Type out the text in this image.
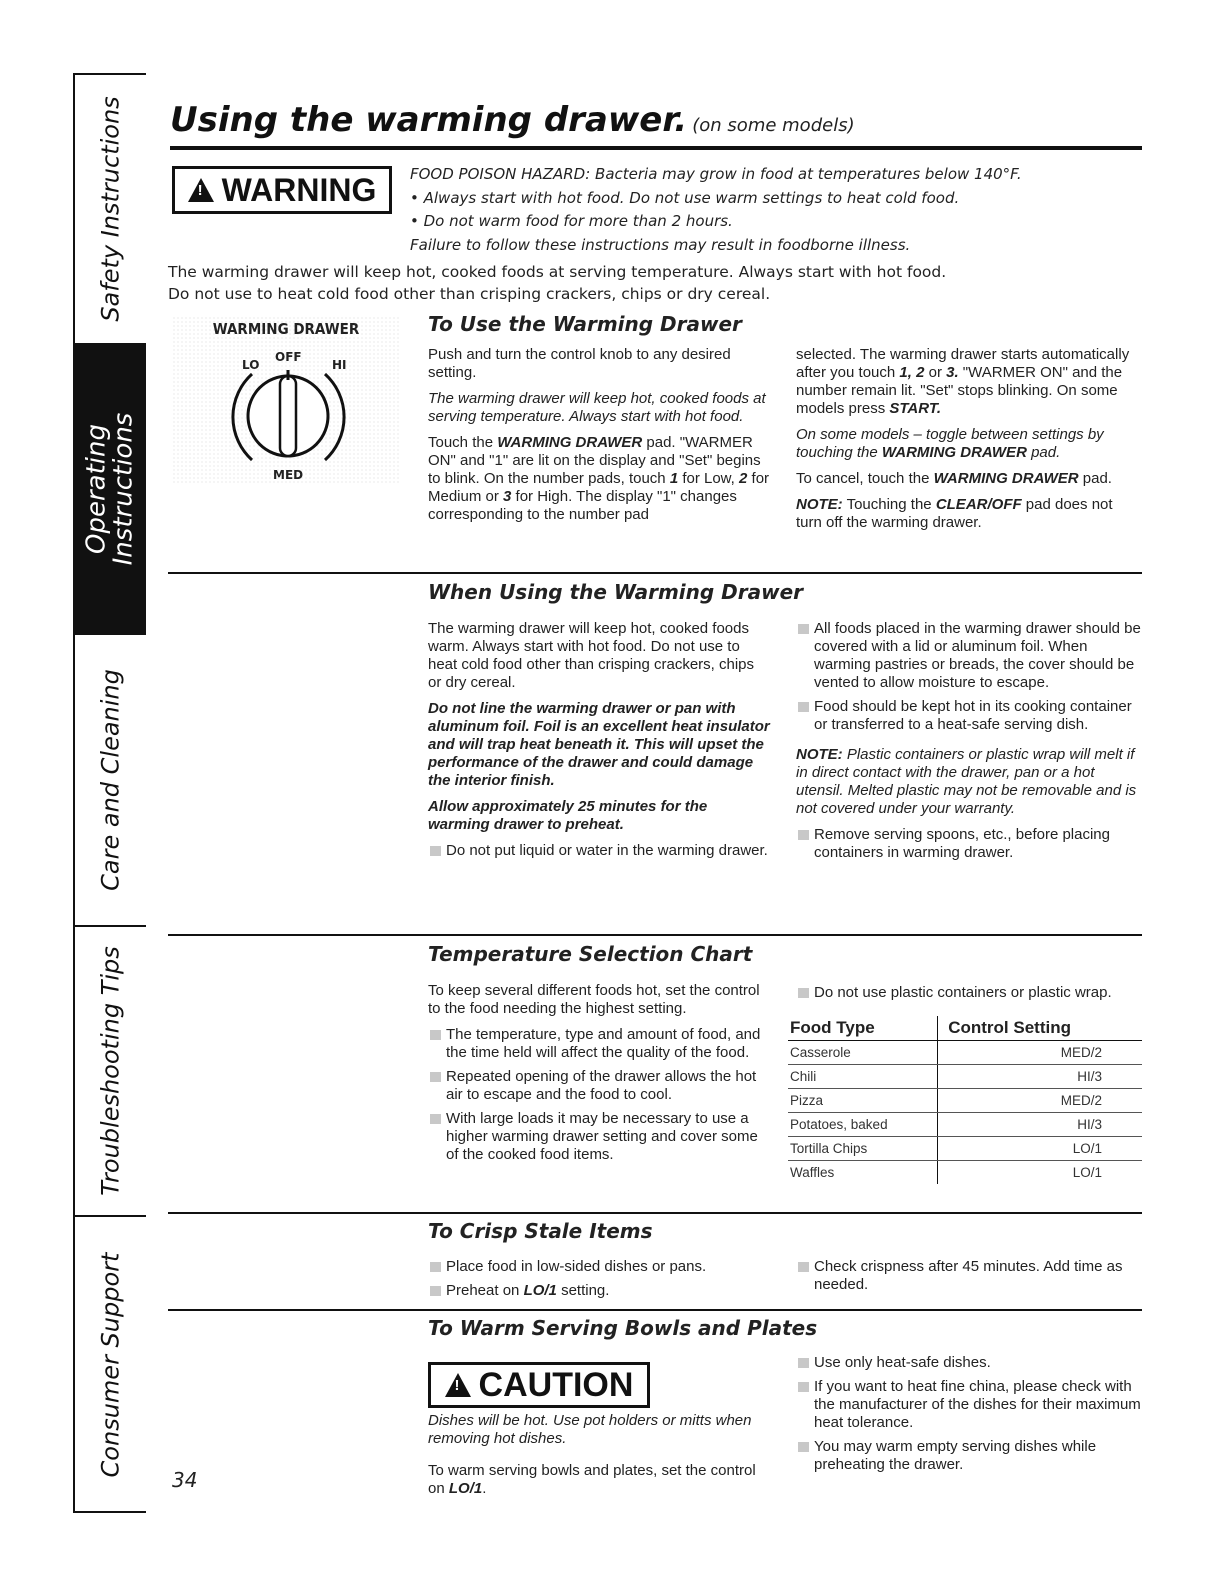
Safety Instructions
Operating Instructions
Care and Cleaning
Troubleshooting Tips
Consumer Support
Using the warming drawer. (on some models)
!
WARNING FOOD POISON HAZARD: Bacteria may grow in food at temperatures below 140°F.
• Always start with hot food. Do not use warm settings to heat cold food.
• Do not warm food for more than 2 hours.
Failure to follow these instructions may result in foodborne illness.
The warming drawer will keep hot, cooked foods at serving temperature. Always start with hot food.
Do not use to heat cold food other than crisping crackers, chips or dry cereal.
WARMING DRAWER
LO
OFF
HI
MED
To Use the Warming Drawer

Push and turn the control knob to any desired setting.

The warming drawer will keep hot, cooked foods at serving temperature. Always start with hot food.

Touch the WARMING DRAWER pad. "WARMER ON" and "1" are lit on the display and "Set" begins to blink. On the number pads, touch 1 for Low, 2 for Medium or 3 for High. The display "1" changes corresponding to the number pad

selected. The warming drawer starts automatically after you touch 1, 2 or 3. "WARMER ON" and the number remain lit. "Set" stops blinking. On some models press START.

On some models – toggle between settings by touching the WARMING DRAWER pad.

To cancel, touch the WARMING DRAWER pad.

NOTE: Touching the CLEAR/OFF pad does not turn off the warming drawer.

When Using the Warming Drawer

The warming drawer will keep hot, cooked foods warm. Always start with hot food. Do not use to heat cold food other than crisping crackers, chips or dry cereal.

Do not line the warming drawer or pan with aluminum foil. Foil is an excellent heat insulator and will trap heat beneath it. This will upset the performance of the drawer and could damage the interior finish.

Allow approximately 25 minutes for the warming drawer to preheat.

Do not put liquid or water in the warming drawer.
All foods placed in the warming drawer should be covered with a lid or aluminum foil. When warming pastries or breads, the cover should be vented to allow moisture to escape.
Food should be kept hot in its cooking container or transferred to a heat-safe serving dish.

NOTE: Plastic containers or plastic wrap will melt if in direct contact with the drawer, pan or a hot utensil. Melted plastic may not be removable and is not covered under your warranty.

Remove serving spoons, etc., before placing containers in warming drawer.
Temperature Selection Chart

To keep several different foods hot, set the control to the food needing the highest setting.

The temperature, type and amount of food, and the time held will affect the quality of the food.
Repeated opening of the drawer allows the hot air to escape and the food to cool.
With large loads it may be necessary to use a higher warming drawer setting and cover some of the cooked food items.
Do not use plastic containers or plastic wrap.
Food Type	Control Setting
Casserole	MED/2
Chili	HI/3
Pizza	MED/2
Potatoes, baked	HI/3
Tortilla Chips	LO/1
Waffles	LO/1
To Crisp Stale Items
Place food in low-sided dishes or pans.
Preheat on LO/1 setting.
Check crispness after 45 minutes. Add time as needed.
To Warm Serving Bowls and Plates
!
CAUTION
Dishes will be hot. Use pot holders or mitts when removing hot dishes.
To warm serving bowls and plates, set the control on LO/1.
Use only heat-safe dishes.
If you want to heat fine china, please check with the manufacturer of the dishes for their maximum heat tolerance.
You may warm empty serving dishes while preheating the drawer.
34
